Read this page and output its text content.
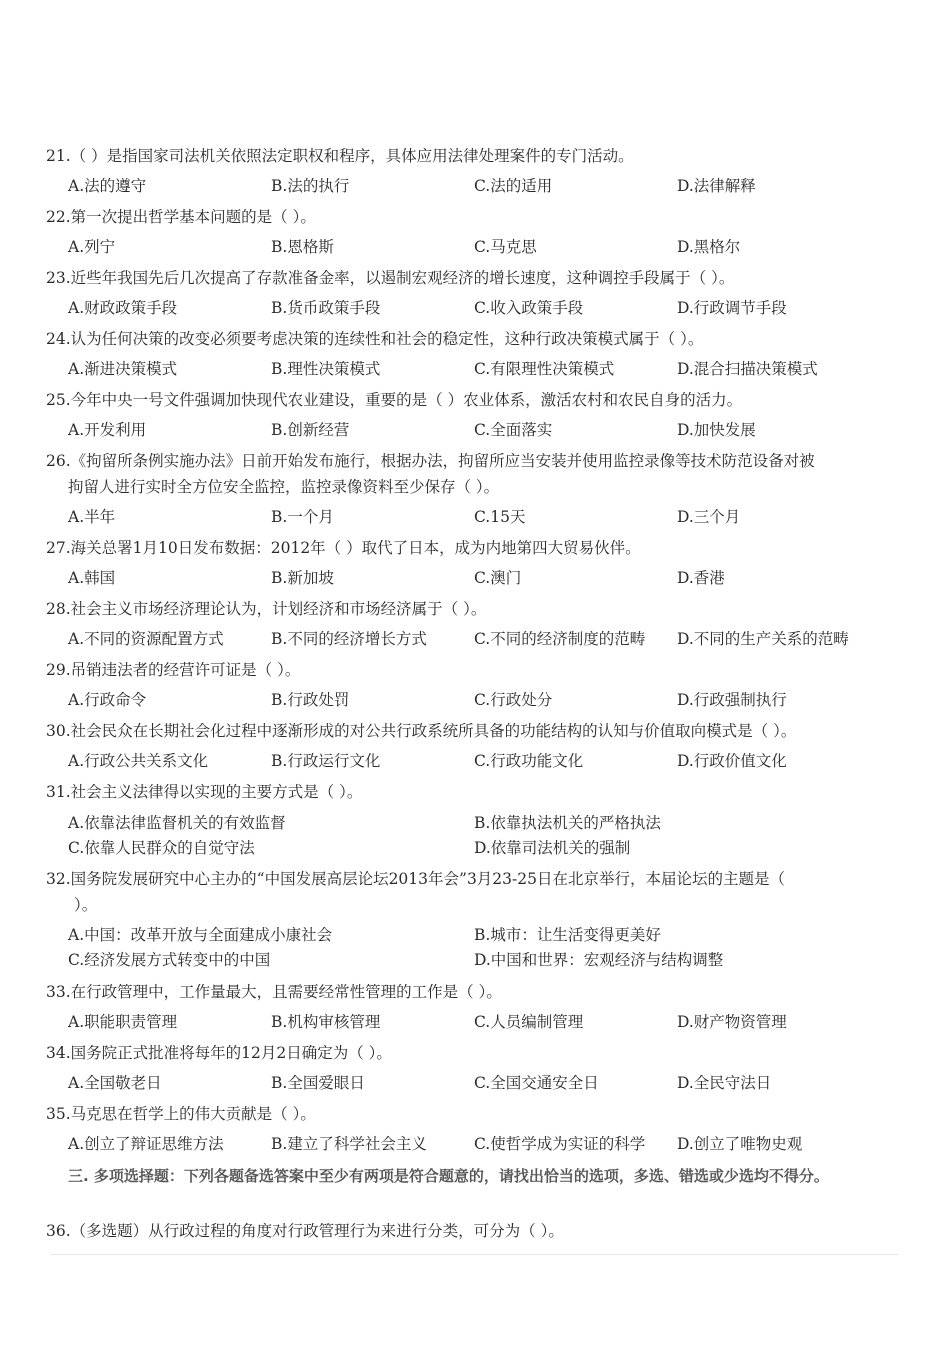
21.（ ）是指国家司法机关依照法定职权和程序，具体应用法律处理案件的专门活动。
A.法的遵守	B.法的执行	C.法的适用	D.法律解释
22.第一次提出哲学基本问题的是（ ）。
A.列宁	B.恩格斯	C.马克思	D.黑格尔
23.近些年我国先后几次提高了存款准备金率，以遏制宏观经济的增长速度，这种调控手段属于（ ）。
A.财政政策手段	B.货币政策手段	C.收入政策手段	D.行政调节手段
24.认为任何决策的改变必须要考虑决策的连续性和社会的稳定性，这种行政决策模式属于（ ）。
A.渐进决策模式	B.理性决策模式	C.有限理性决策模式	D.混合扫描决策模式
25.今年中央一号文件强调加快现代农业建设，重要的是（ ）农业体系，激活农村和农民自身的活力。
A.开发利用	B.创新经营	C.全面落实	D.加快发展
26.《拘留所条例实施办法》日前开始发布施行，根据办法，拘留所应当安装并使用监控录像等技术防范设备对被
拘留人进行实时全方位安全监控，监控录像资料至少保存（ ）。
A.半年	B.一个月	C.15天	D.三个月
27.海关总署1月10日发布数据：2012年（ ）取代了日本，成为内地第四大贸易伙伴。
A.韩国	B.新加坡	C.澳门	D.香港
28.社会主义市场经济理论认为，计划经济和市场经济属于（ ）。
A.不同的资源配置方式	B.不同的经济增长方式	C.不同的经济制度的范畴 D.不同的生产关系的范畴
29.吊销违法者的经营许可证是（ ）。
A.行政命令	B.行政处罚	C.行政处分	D.行政强制执行
30.社会民众在长期社会化过程中逐渐形成的对公共行政系统所具备的功能结构的认知与价值取向模式是（ ）。
A.行政公共关系文化	B.行政运行文化	C.行政功能文化	D.行政价值文化
31.社会主义法律得以实现的主要方式是（ ）。
A.依靠法律监督机关的有效监督	B.依靠执法机关的严格执法
C.依靠人民群众的自觉守法	D.依靠司法机关的强制
32.国务院发展研究中心主办的“中国发展高层论坛2013年会”3月23-25日在北京举行，本届论坛的主题是（
）。
A.中国：改革开放与全面建成小康社会	B.城市：让生活变得更美好
C.经济发展方式转变中的中国	D.中国和世界：宏观经济与结构调整
33.在行政管理中，工作量最大，且需要经常性管理的工作是（ ）。
A.职能职责管理	B.机构审核管理	C.人员编制管理	D.财产物资管理
34.国务院正式批准将每年的12月2日确定为（ ）。
A.全国敬老日	B.全国爱眼日	C.全国交通安全日	D.全民守法日
35.马克思在哲学上的伟大贡献是（ ）。
A.创立了辩证思维方法	B.建立了科学社会主义	C.使哲学成为实证的科学 D.创立了唯物史观
三. 多项选择题：下列各题备选答案中至少有两项是符合题意的，请找出恰当的选项，多选、错选或少选均不得分。
36.（多选题）从行政过程的角度对行政管理行为来进行分类，可分为（ ）。
